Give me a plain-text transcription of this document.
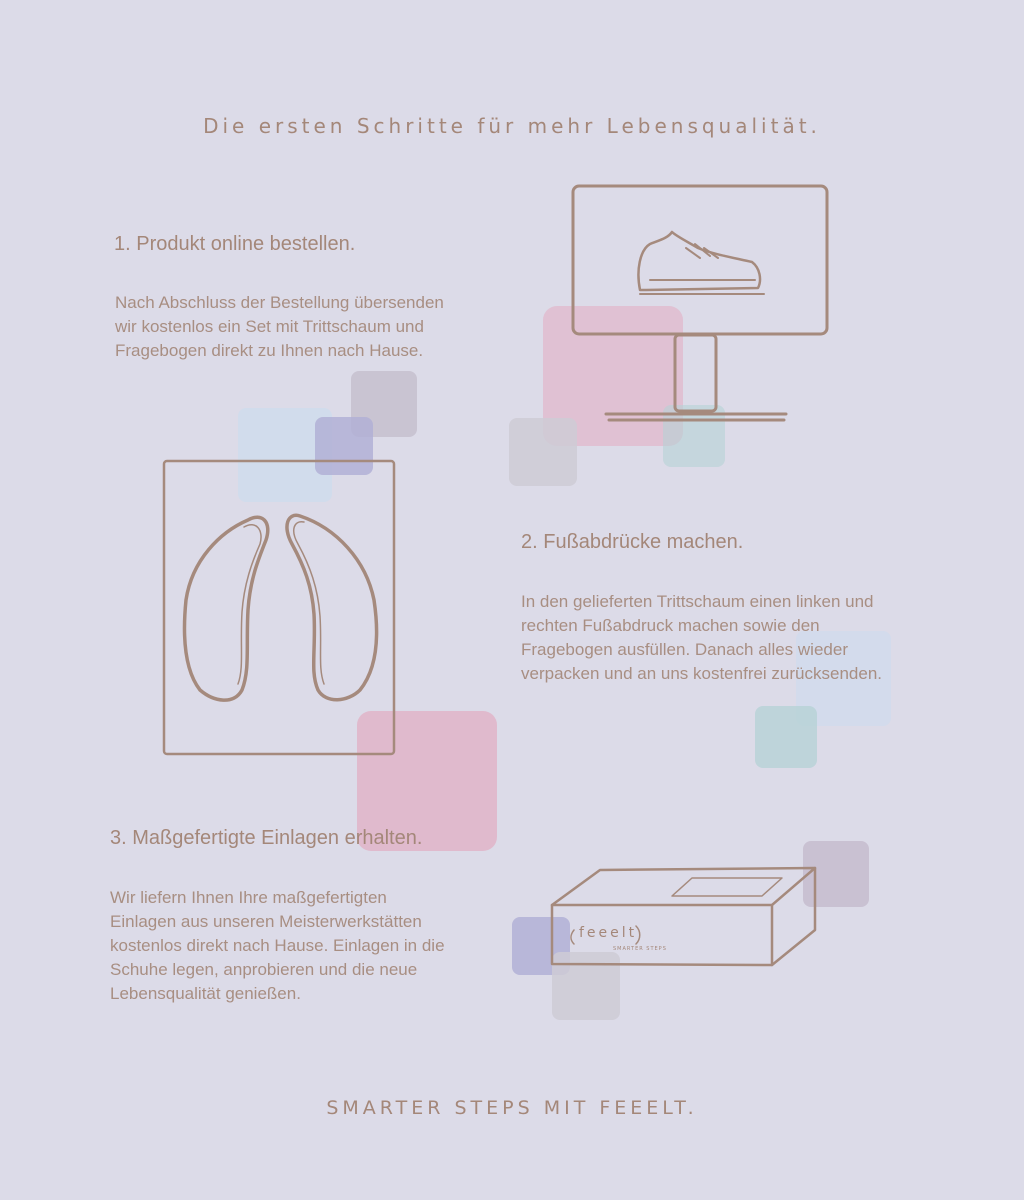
Die ersten Schritte für mehr Lebensqualität.
1. Produkt online bestellen.
Nach Abschluss der Bestellung übersenden
wir kostenlos ein Set mit Trittschaum und
Fragebogen direkt zu Ihnen nach Hause.
2. Fußabdrücke machen.
In den gelieferten Trittschaum einen linken und
rechten Fußabdruck machen sowie den
Fragebogen ausfüllen. Danach alles wieder
verpacken und an uns kostenfrei zurücksenden.
3. Maßgefertigte Einlagen erhalten.
Wir liefern Ihnen Ihre maßgefertigten
Einlagen aus unseren Meisterwerkstätten
kostenlos direkt nach Hause. Einlagen in die
Schuhe legen, anprobieren und die neue
Lebensqualität genießen.
feeelt
SMARTER STEPS
SMARTER STEPS MIT FEEELT.
